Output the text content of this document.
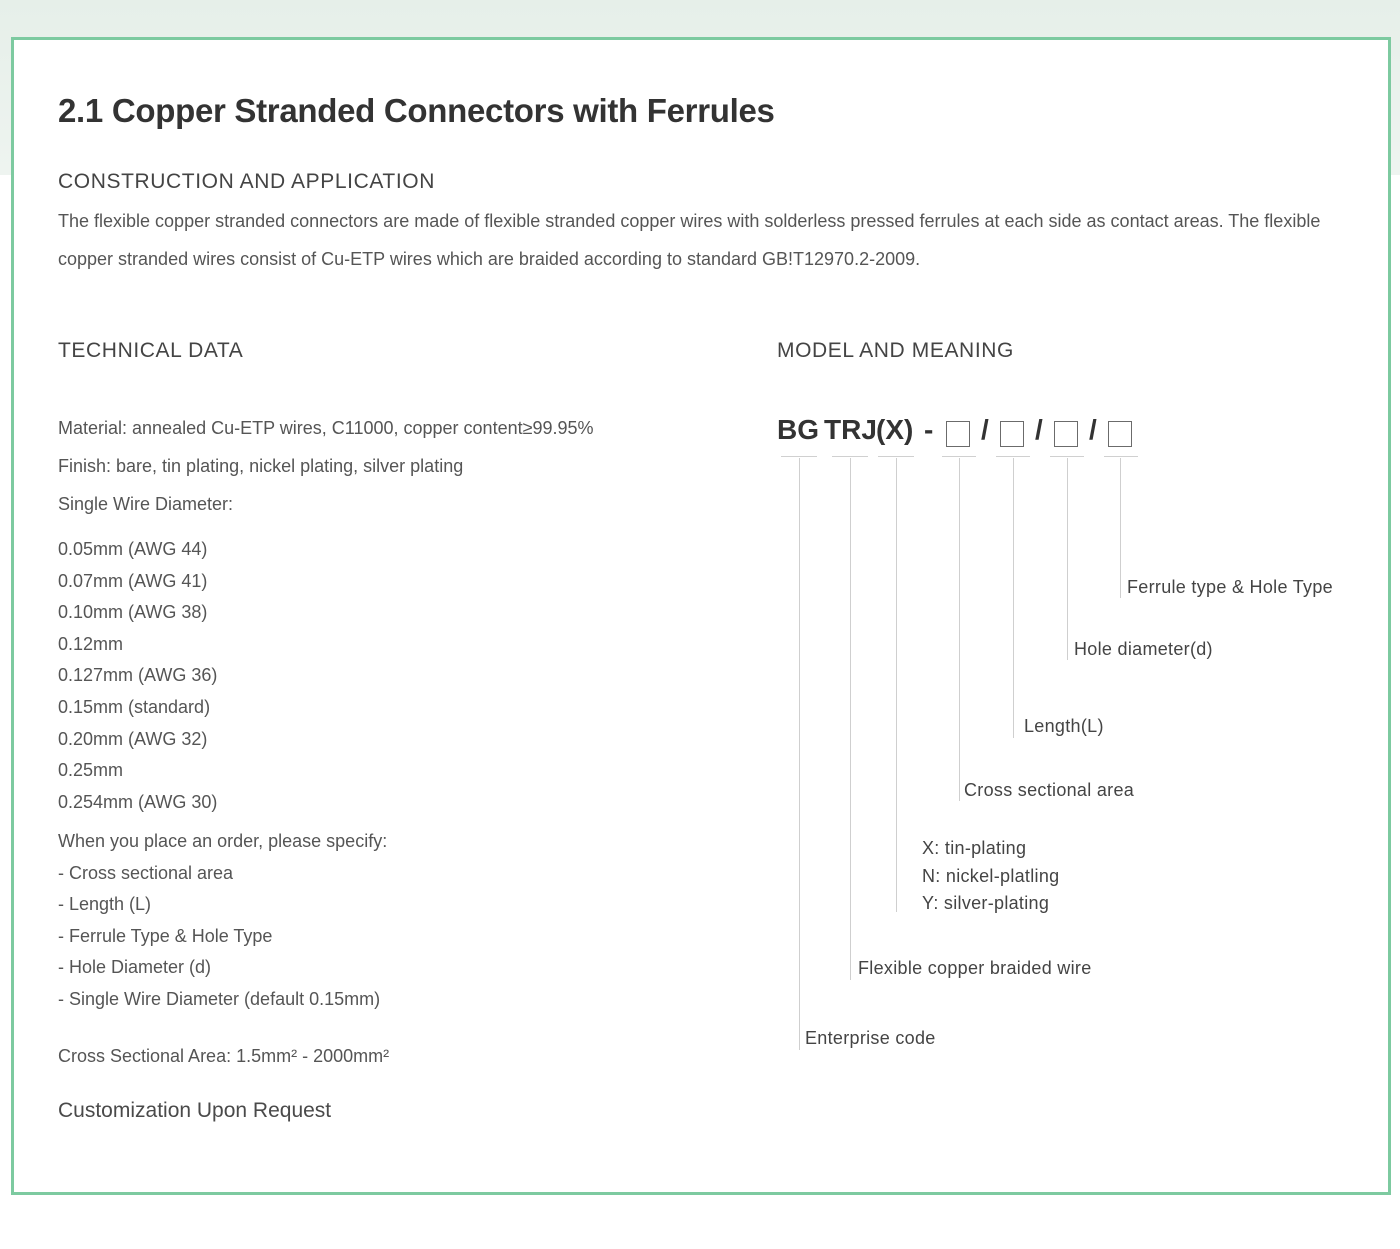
2.1 Copper Stranded Connectors with Ferrules
CONSTRUCTION AND APPLICATION
The flexible copper stranded connectors are made of flexible stranded copper wires with solderless pressed ferrules at each side as contact areas. The flexible copper stranded wires consist of Cu-ETP wires which are braided according to standard GB!T12970.2-2009.
TECHNICAL DATA
Material: annealed Cu-ETP wires, C11000, copper content≥99.95%
Finish: bare, tin plating, nickel plating, silver plating
Single Wire Diameter:
0.05mm (AWG 44)
0.07mm (AWG 41)
0.10mm (AWG 38)
0.12mm
0.127mm (AWG 36)
0.15mm (standard)
0.20mm (AWG 32)
0.25mm
0.254mm (AWG 30)
When you place an order, please specify:
- Cross sectional area
- Length (L)
- Ferrule Type & Hole Type
- Hole Diameter (d)
- Single Wire Diameter (default 0.15mm)
Cross Sectional Area: 1.5mm² - 2000mm²
Customization Upon Request
MODEL AND MEANING
BG TRJ (X) - / / /
Ferrule type & Hole Type
Hole diameter(d)
Length(L)
Cross sectional area
X: tin-plating
N: nickel-platling
Y: silver-plating
Flexible copper braided wire
Enterprise code
